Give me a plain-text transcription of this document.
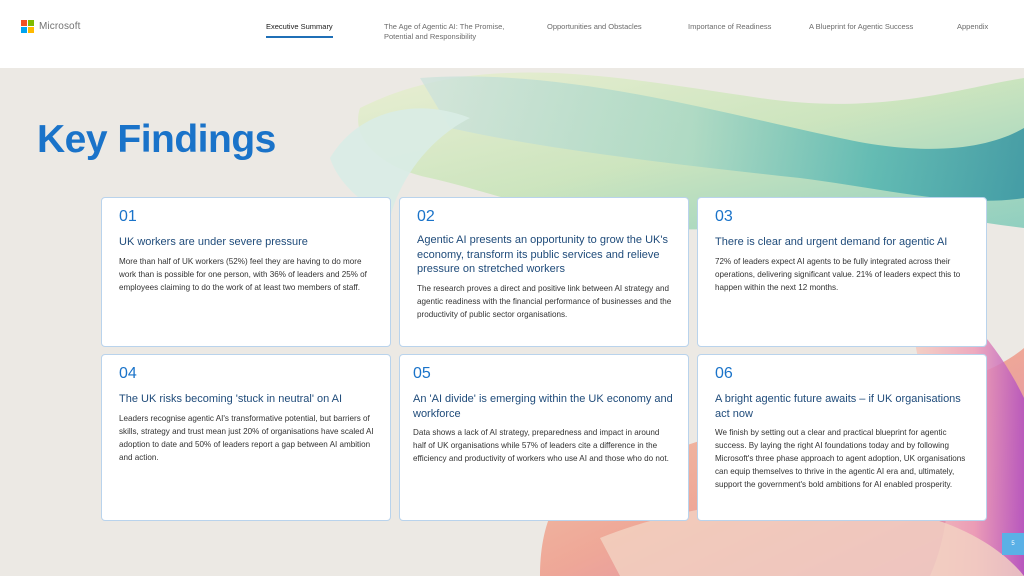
Microsoft	Executive Summary	The Age of Agentic AI: The Promise, Potential and Responsibility
Opportunities and Obstacles	Importance of Readiness	A Blueprint for Agentic Success	Appendix
Key Findings
01
UK workers are under severe pressure
More than half of UK workers (52%) feel they are having to do more work than is possible for one person, with 36% of leaders and 25% of employees claiming to do the work of at least two members of staff.
02
Agentic AI presents an opportunity to grow the UK's economy, transform its public services and relieve pressure on stretched workers
The research proves a direct and positive link between AI strategy and agentic readiness with the financial performance of businesses and the productivity of public sector organisations.
03
There is clear and urgent demand for agentic AI
72% of leaders expect AI agents to be fully integrated across their operations, delivering significant value. 21% of leaders expect this to happen within the next 12 months.
04
The UK risks becoming 'stuck in neutral' on AI
Leaders recognise agentic AI's transformative potential, but barriers of skills, strategy and trust mean just 20% of organisations have scaled AI adoption to date and 50% of leaders report a gap between AI ambition and action.
05
An 'AI divide' is emerging within the UK economy and workforce
Data shows a lack of AI strategy, preparedness and impact in around half of UK organisations while 57% of leaders cite a difference in the efficiency and productivity of workers who use AI and those who do not.
06
A bright agentic future awaits – if UK organisations act now
We finish by setting out a clear and practical blueprint for agentic success. By laying the right AI foundations today and by following Microsoft's three phase approach to agent adoption, UK organisations can equip themselves to thrive in the agentic AI era and, ultimately, support the government's bold ambitions for AI enabled prosperity.
5
